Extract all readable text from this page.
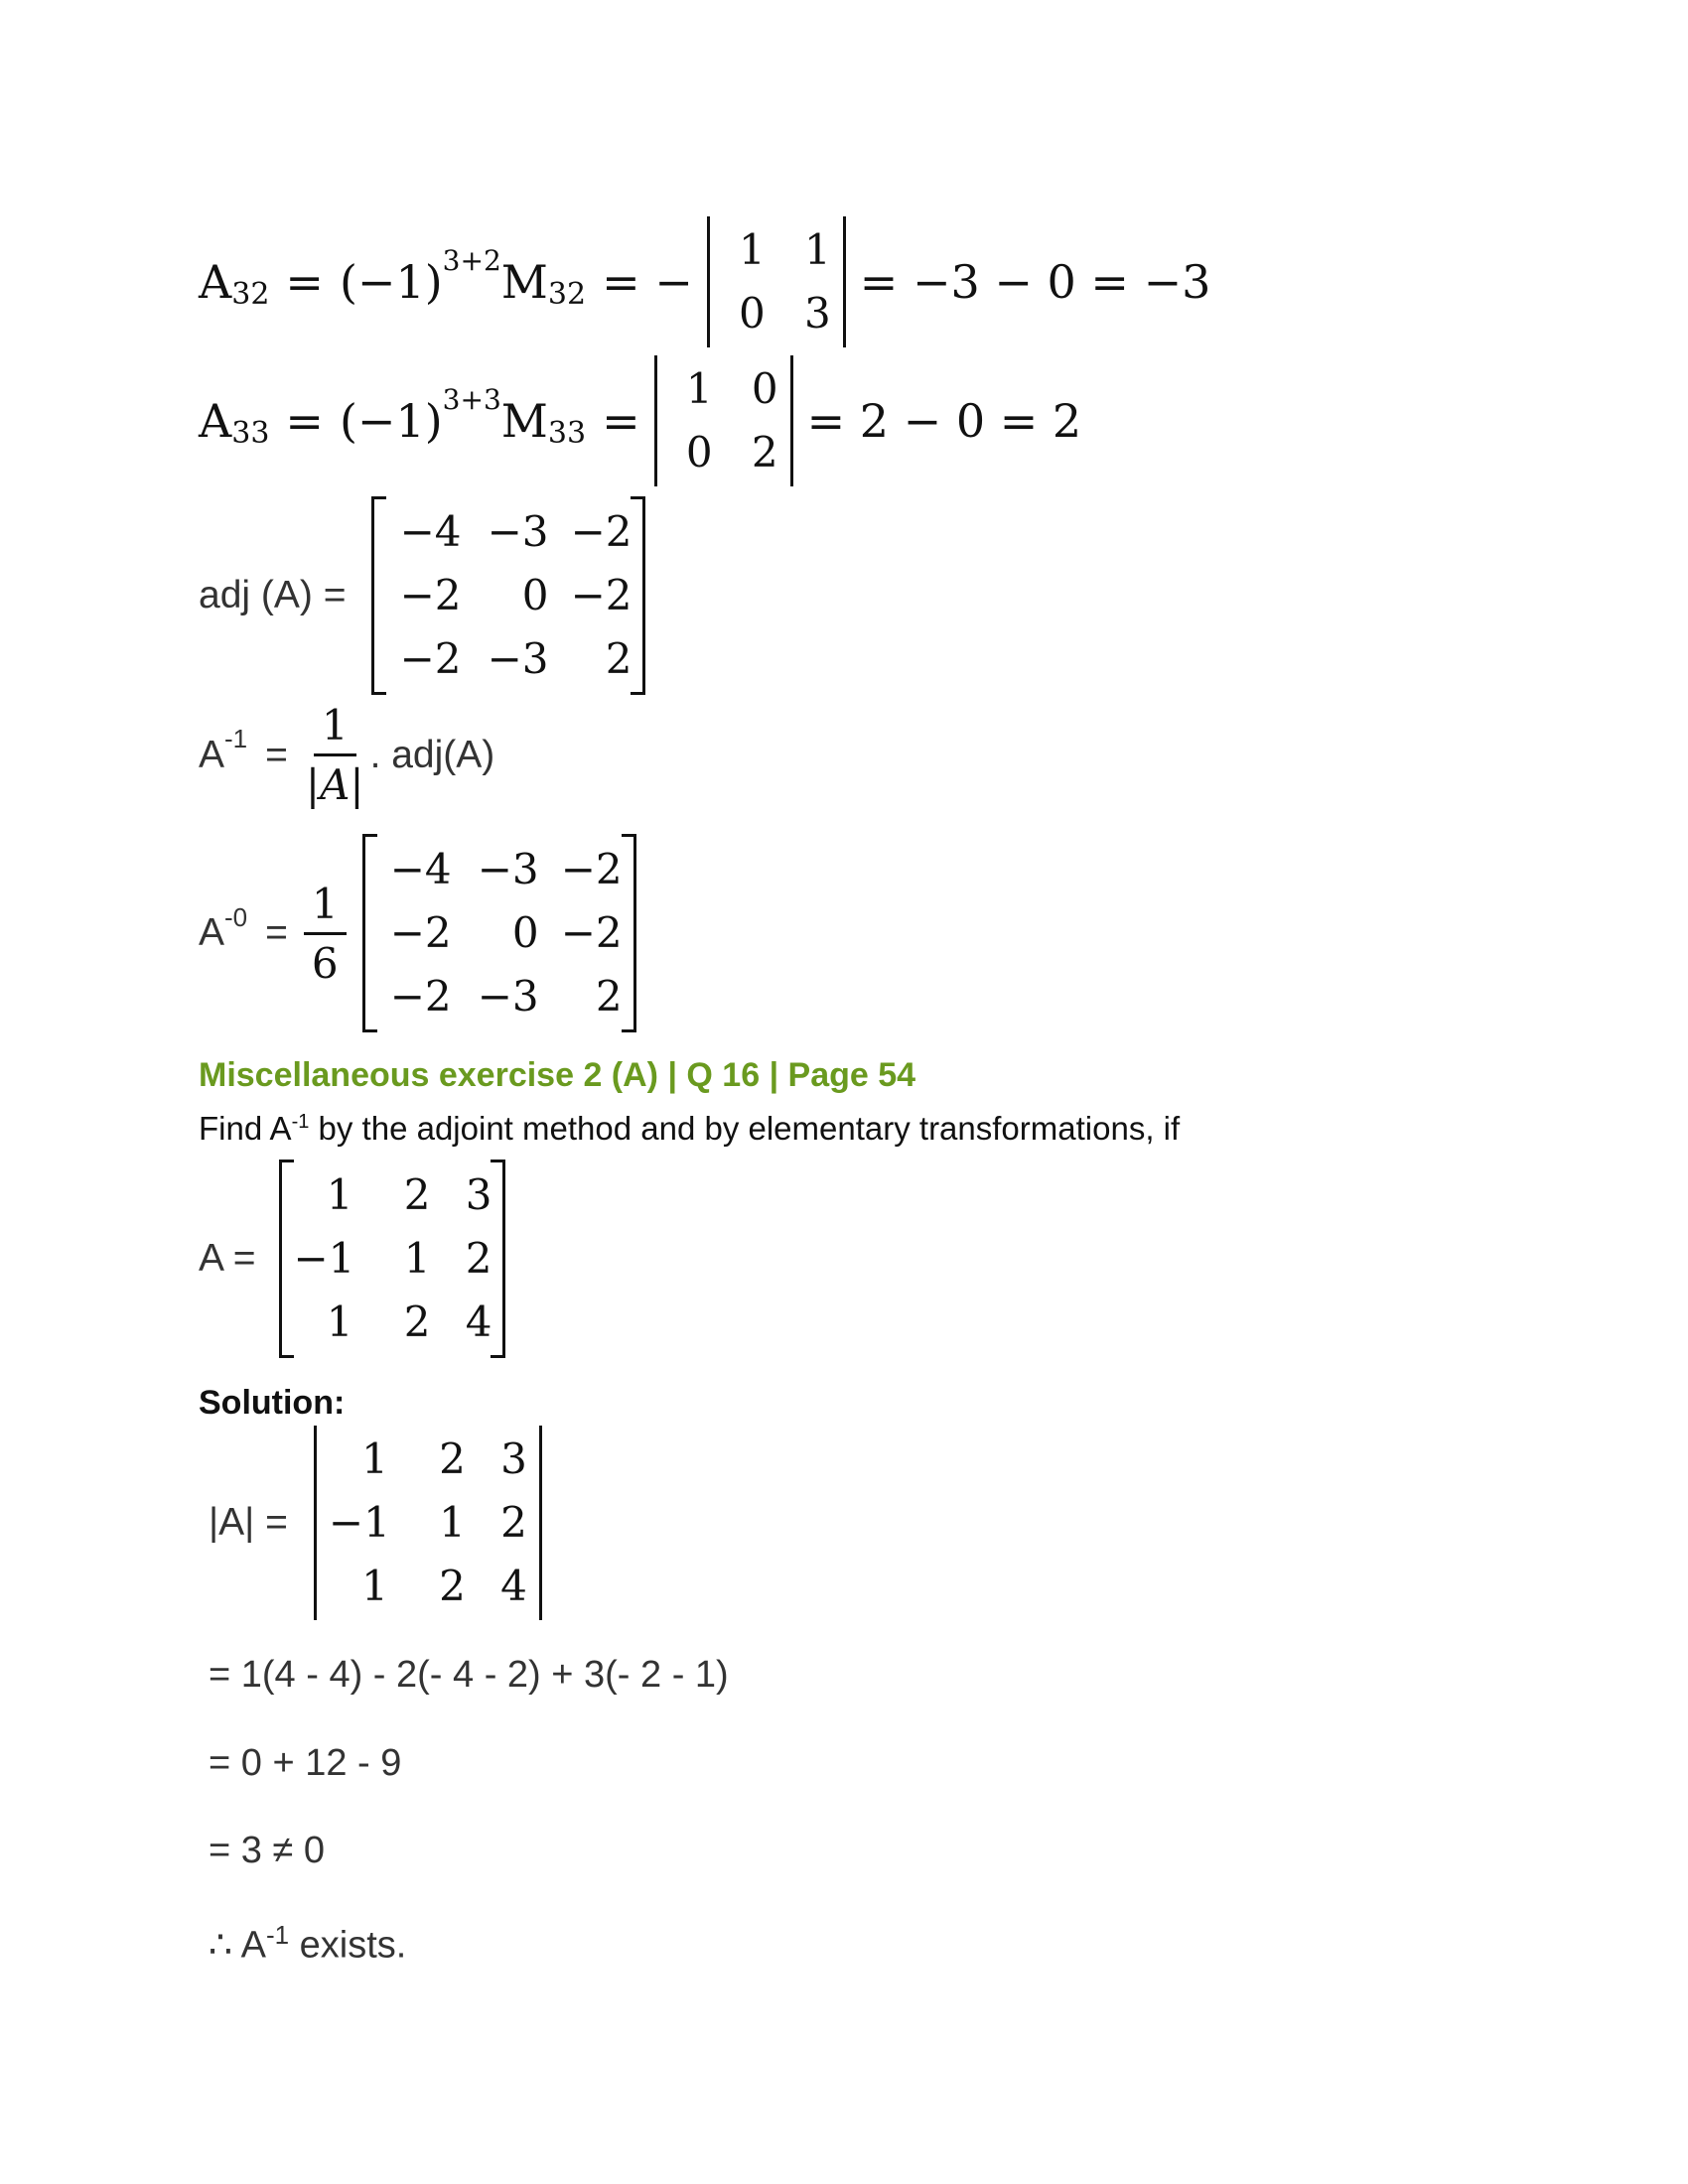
A 32 = (−1) 3+2 M 32 = −
1 1
0 3
= −3 − 0 = −3
A 33 = (−1) 3+3 M 33 =
1 0
0 2
= 2 − 0 = 2
adj (A) =
−4 −3 −2
−2	0 −2
−2 −3	2
A $-1 = \frac{1}{|A|}$ . adj(A)
A $-0 = \frac{1}{6}$
−4 −3 −2
−2	0 −2
−2 −3	2
Miscellaneous exercise 2 (A) | Q 16 | Page 54
Find $A^{-1}$ by the adjoint method and by elementary transformations, if
A =
1	2 3
−1	1 2
1	2 4
Solution:
|A| =
1	2 3
−1	1 2
1	2 4
= 1(4 - 4) - 2(- 4 - 2) + 3(- 2 - 1)
= 0 + 12 - 9
= 3 ≠ 0
∴ $A^{-1}$ exists.
